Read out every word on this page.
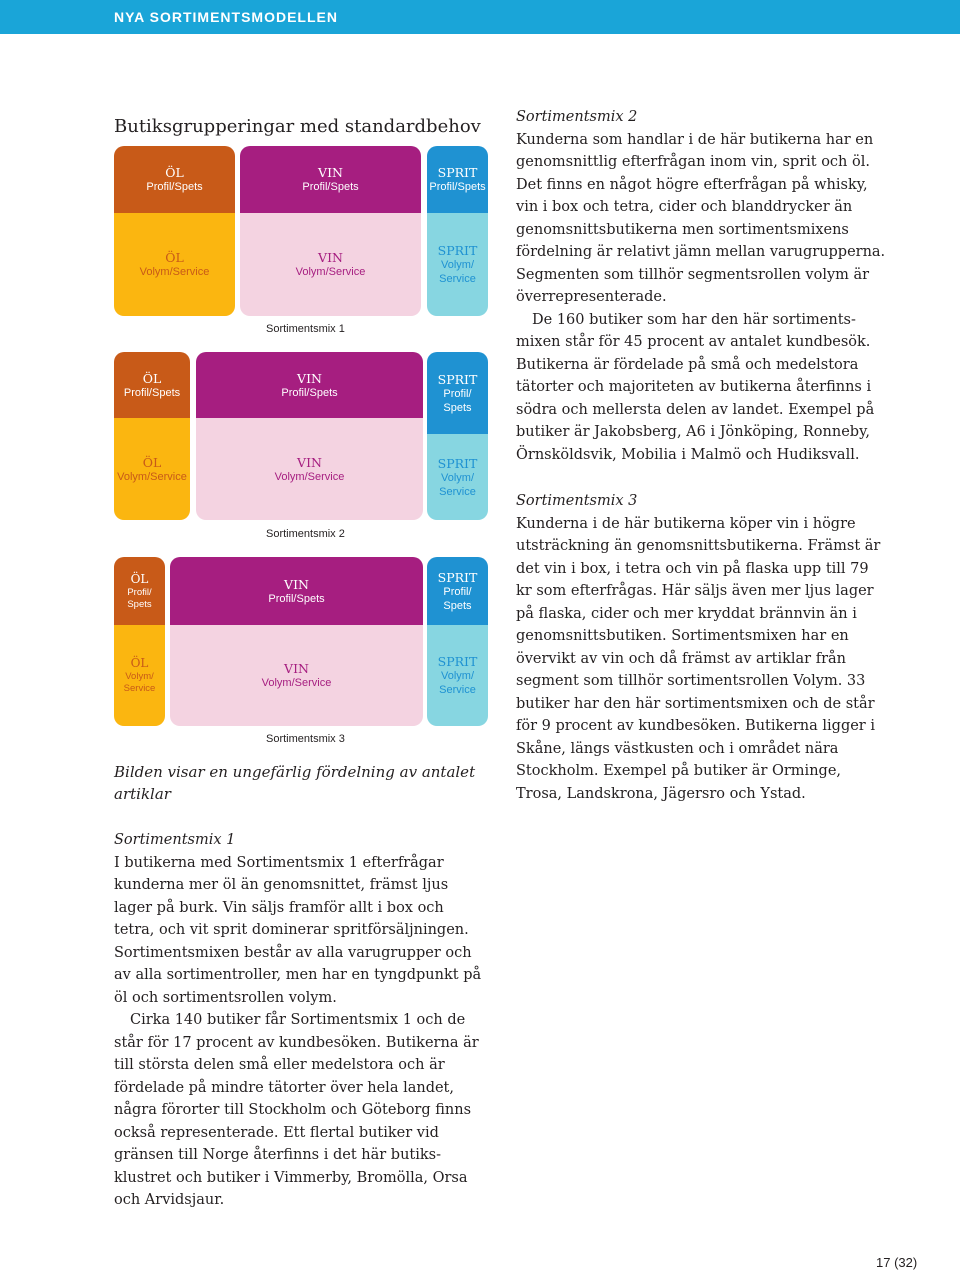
NYA SORTIMENTSMODELLEN
Butiksgrupperingar med standardbehov
ÖL
Profil/Spets
ÖL
Volym/Service
VIN
Profil/Spets
VIN
Volym/Service
SPRIT
Profil/Spets
SPRIT
Volym/
Service
Sortimentsmix 1
ÖL
Profil/Spets
ÖL
Volym/Service
VIN
Profil/Spets
VIN
Volym/Service
SPRIT
Profil/
Spets
SPRIT
Volym/
Service
Sortimentsmix 2
ÖL
Profil/
Spets
ÖL
Volym/
Service
VIN
Profil/Spets
VIN
Volym/Service
SPRIT
Profil/
Spets
SPRIT
Volym/
Service
Sortimentsmix 3
Bilden visar en ungefärlig fördelning av antalet artiklar

Sortimentsmix 1

I butikerna med Sortimentsmix 1 efterfrågar kunderna mer öl än genomsnittet, främst ljus lager på burk. Vin säljs framför allt i box och tetra, och vit sprit dominerar spritförsäljningen. Sortimentsmixen består av alla varugrupper och av alla sortimentroller, men har en tyngdpunkt på öl och sortimentsrollen volym.

Cirka 140 butiker får Sortimentsmix 1 och de står för 17 procent av kundbesöken. Butikerna är till största delen små eller medelstora och är fördelade på mindre tätorter över hela landet, några förorter till Stockholm och Göteborg finns också representerade. Ett flertal butiker vid gränsen till Norge återfinns i det här butiksklustret och butiker i Vimmerby, Bromölla, Orsa och Arvidsjaur.

Sortimentsmix 2

Kunderna som handlar i de här butikerna har en genomsnittlig efterfrågan inom vin, sprit och öl. Det finns en något högre efterfrågan på whisky, vin i box och tetra, cider och blanddrycker än genomsnittsbutikerna men sortimentsmixens fördelning är relativt jämn mellan varugrupperna. Segmenten som tillhör segmentsrollen volym är överrepresenterade.

De 160 butiker som har den här sortimentsmixen står för 45 procent av antalet kundbesök. Butikerna är fördelade på små och medelstora tätorter och majoriteten av butikerna återfinns i södra och mellersta delen av landet. Exempel på butiker är Jakobsberg, A6 i Jönköping, Ronneby, Örnsköldsvik, Mobilia i Malmö och Hudiksvall.

Sortimentsmix 3

Kunderna i de här butikerna köper vin i högre utsträckning än genomsnittsbutikerna. Främst är det vin i box, i tetra och vin på flaska upp till 79 kr som efterfrågas. Här säljs även mer ljus lager på flaska, cider och mer kryddat brännvin än i genomsnittsbutiken. Sortimentsmixen har en övervikt av vin och då främst av artiklar från segment som tillhör sortimentsrollen Volym. 33 butiker har den här sortimentsmixen och de står för 9 procent av kundbesöken. Butikerna ligger i Skåne, längs västkusten och i området nära Stockholm. Exempel på butiker är Orminge, Trosa, Landskrona, Jägersro och Ystad.

17 (32)
